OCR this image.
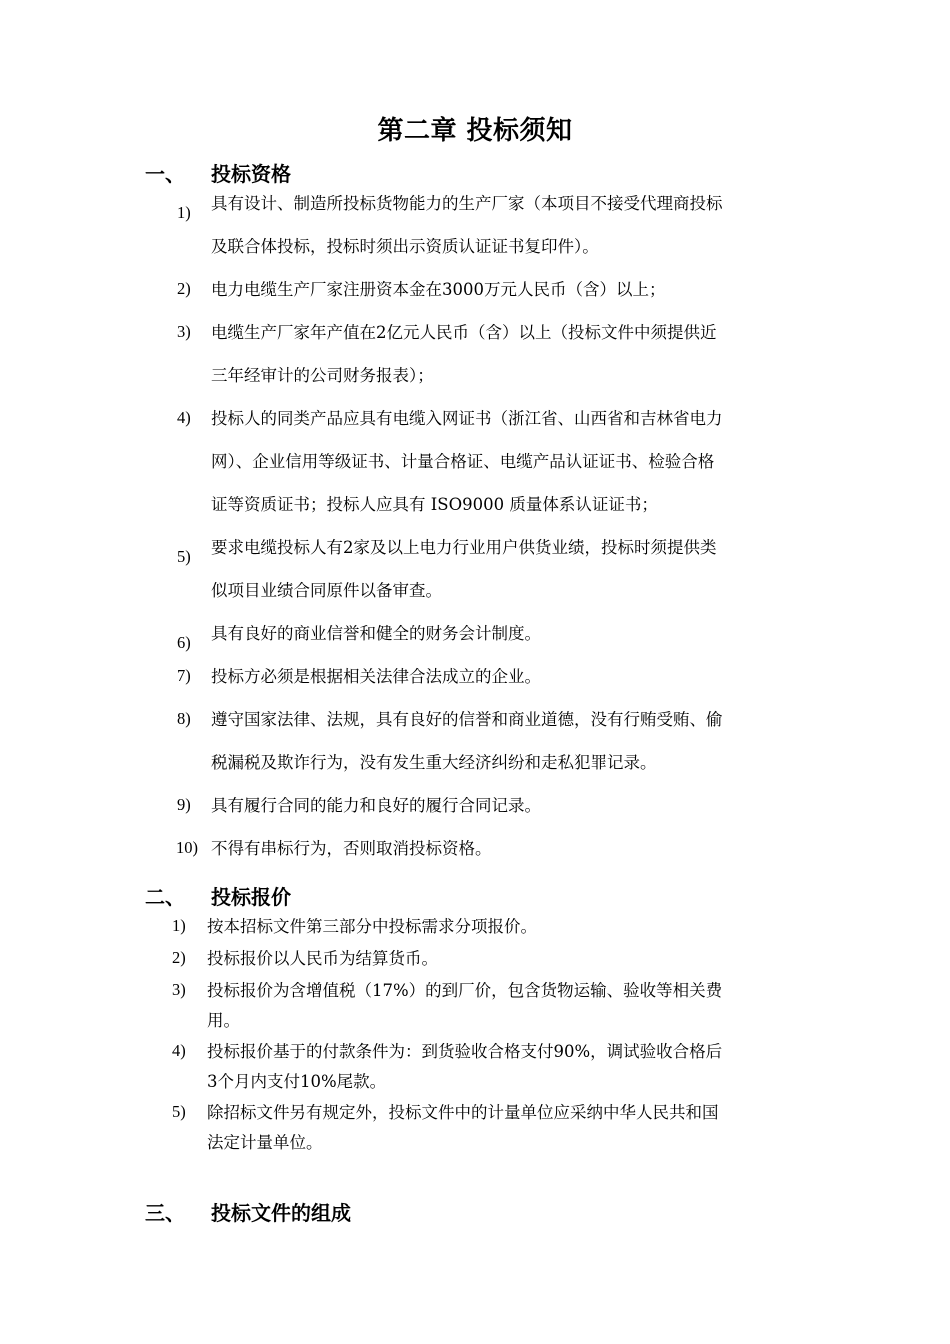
第二章 投标须知
一、 投标资格
1) 具有设计、制造所投标货物能力的生产厂家（本项目不接受代理商投标
及联合体投标，投标时须出示资质认证证书复印件）。
2) 电力电缆生产厂家注册资本金在3000万元人民币（含）以上；
3) 电缆生产厂家年产值在2亿元人民币（含）以上（投标文件中须提供近
三年经审计的公司财务报表）；
4) 投标人的同类产品应具有电缆入网证书（浙江省、山西省和吉林省电力
网）、企业信用等级证书、计量合格证、电缆产品认证证书、检验合格
证等资质证书；投标人应具有 ISO9000 质量体系认证证书；
5) 要求电缆投标人有2家及以上电力行业用户供货业绩，投标时须提供类
似项目业绩合同原件以备审查。
6) 具有良好的商业信誉和健全的财务会计制度。
7) 投标方必须是根据相关法律合法成立的企业。
8) 遵守国家法律、法规，具有良好的信誉和商业道德，没有行贿受贿、偷
税漏税及欺诈行为，没有发生重大经济纠纷和走私犯罪记录。
9) 具有履行合同的能力和良好的履行合同记录。
10) 不得有串标行为，否则取消投标资格。
二、 投标报价
1) 按本招标文件第三部分中投标需求分项报价。
2) 投标报价以人民币为结算货币。
3) 投标报价为含增值税（17%）的到厂价，包含货物运输、验收等相关费
用。
4) 投标报价基于的付款条件为：到货验收合格支付90%，调试验收合格后
3个月内支付10%尾款。
5) 除招标文件另有规定外，投标文件中的计量单位应采纳中华人民共和国
法定计量单位。
三、 投标文件的组成
